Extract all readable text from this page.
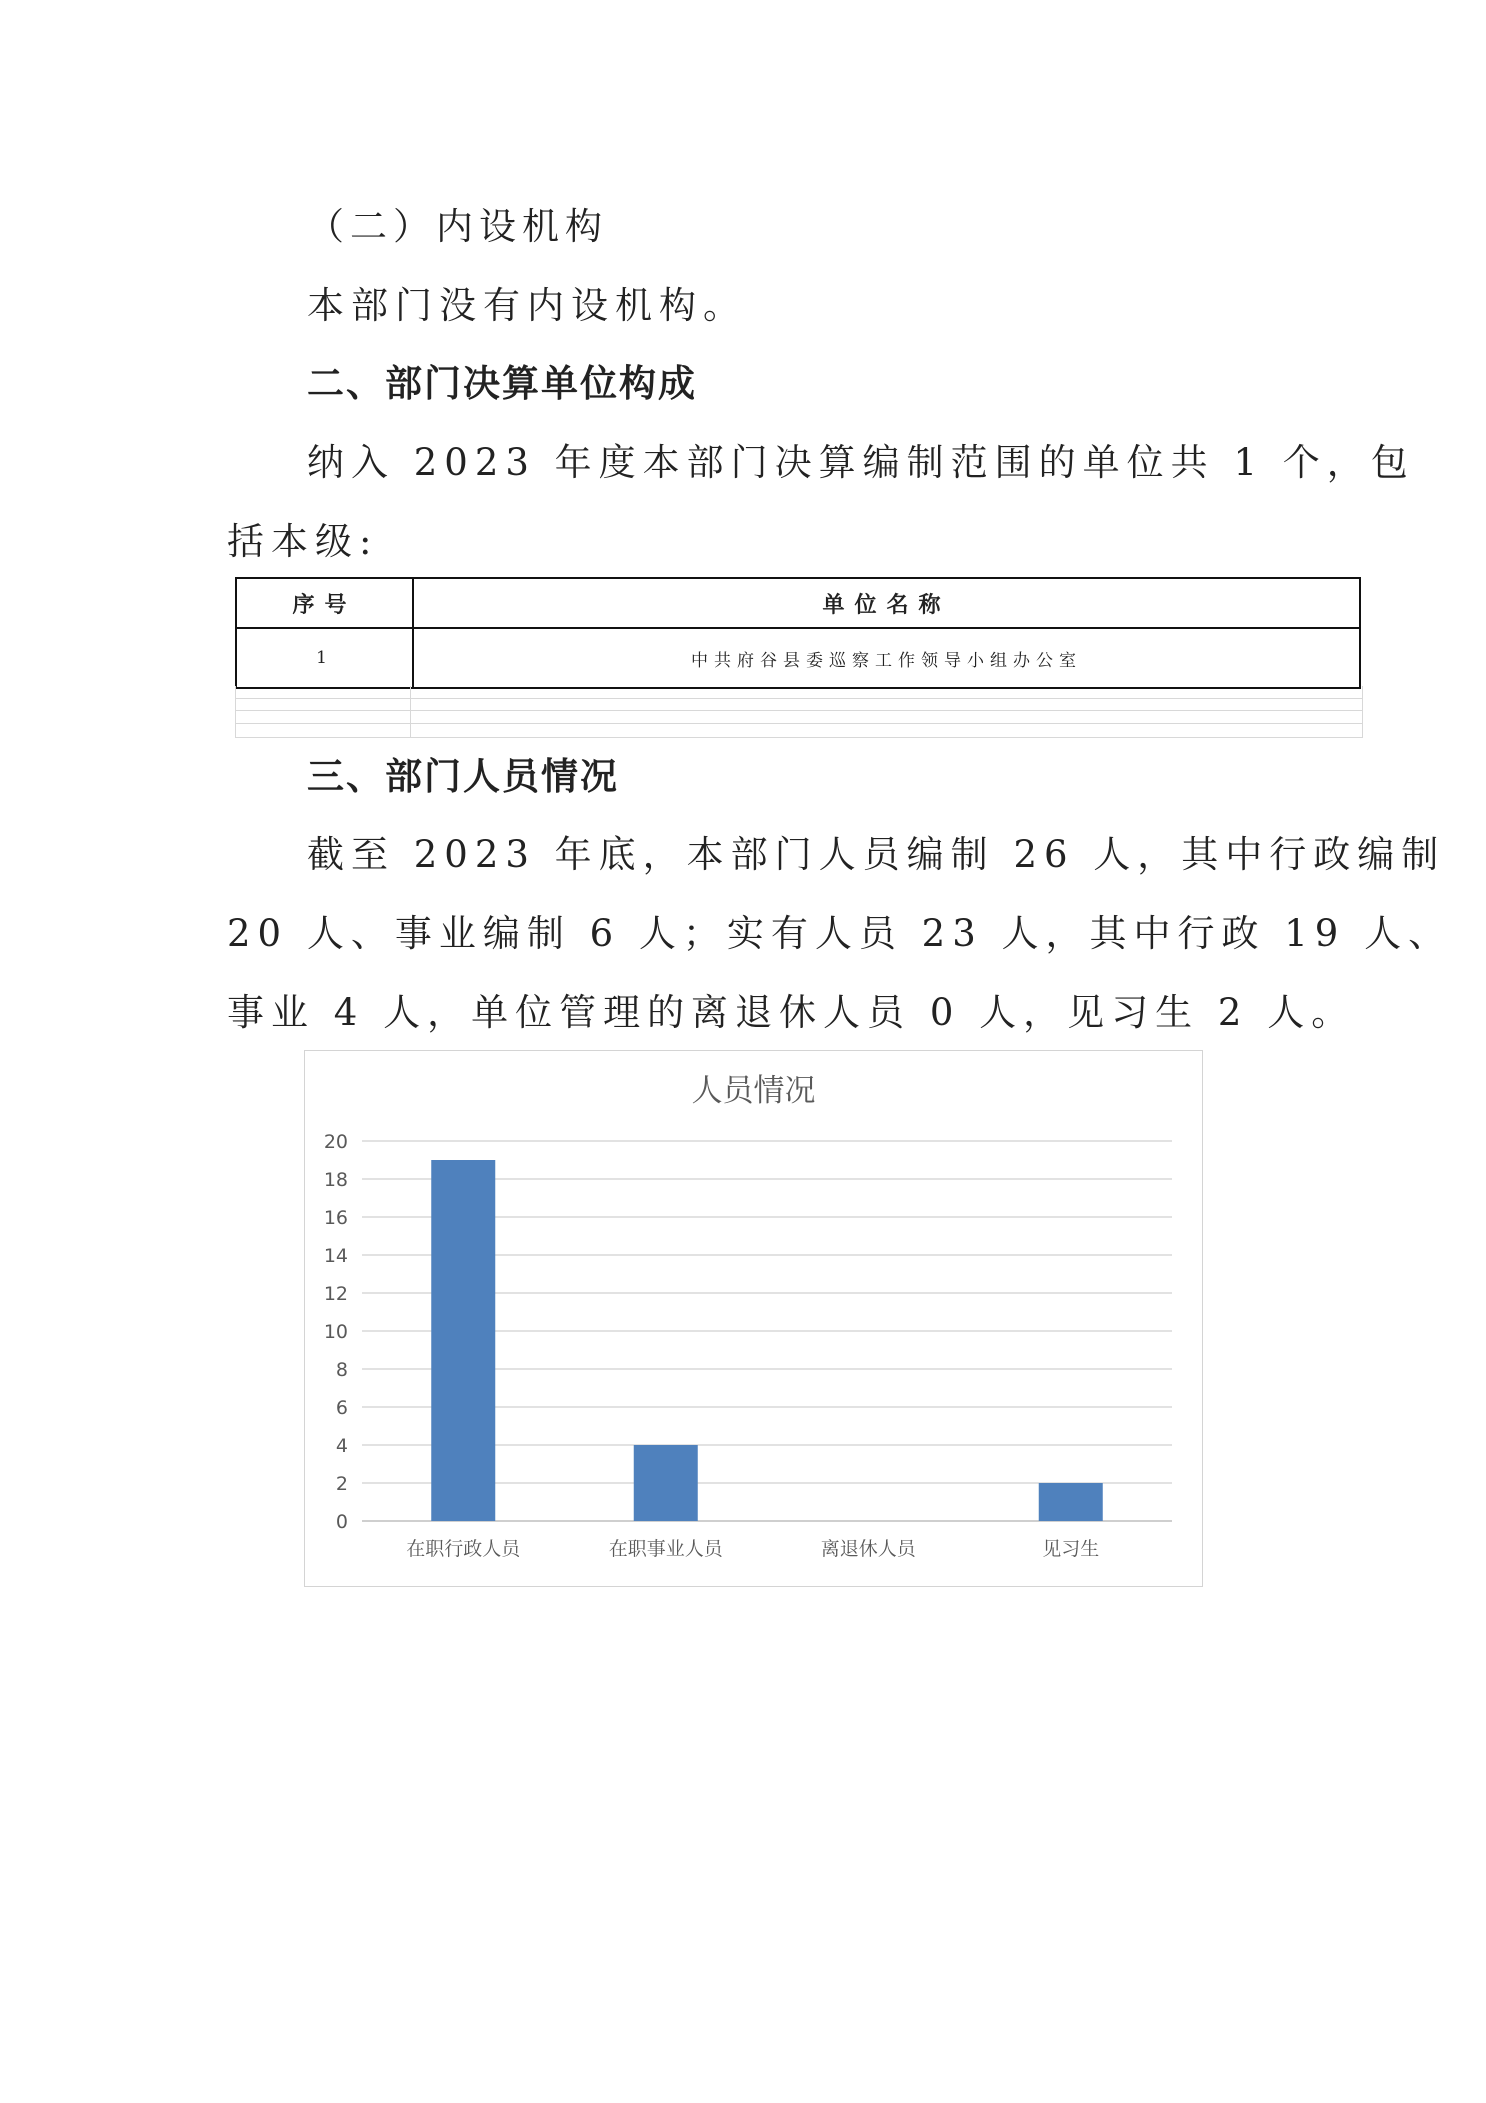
（二）内设机构
本部门没有内设机构。
二、部门决算单位构成
纳入 2023 年度本部门决算编制范围的单位共 1 个，包
括本级:
序号	单位名称
1	中共府谷县委巡察工作领导小组办公室
三、部门人员情况
截至 2023 年底，本部门人员编制 26 人，其中行政编制
20 人、事业编制 6 人；实有人员 23 人，其中行政 19 人、
事业 4 人，单位管理的离退休人员 0 人，见习生 2 人。
人员情况
0
2
4
6
8
10
12
14
16
18
20
在职行政人员	在职事业人员	离退休人员	见习生
